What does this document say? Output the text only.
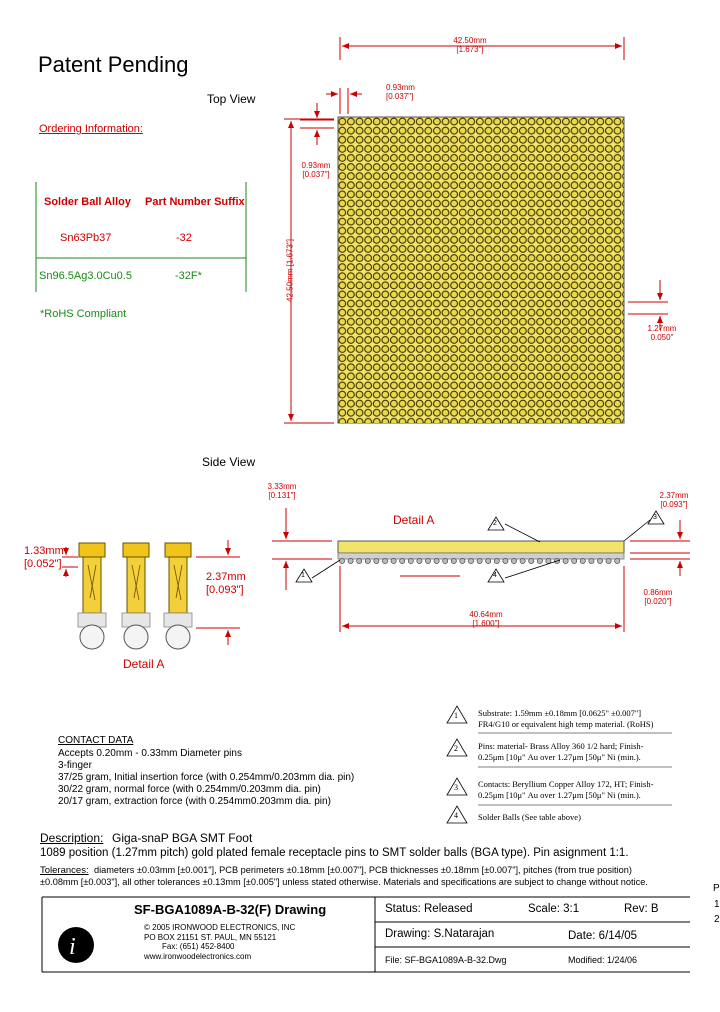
i
Patent Pending
Top View
Side View
Ordering Information:
Solder Ball Alloy Part Number Suffix
Sn63Pb37	-32
Sn96.5Ag3.0Cu0.5	-32F*
*RoHS Compliant
42.50mm
[1.673"]
0.93mm
[0.037"]
0.93mm
[0.037"]
42.50mm [1.673"]
1.27mm
0.050"
3.33mm
[0.131"]	2.37mm
[0.093"]
0.86mm
[0.020"]
40.64mm
[1.600"]
Detail A
1
2
4
3
1.33mm
[0.052"]
2.37mm
[0.093"]
Detail A
1 Substrate: 1.59mm ±0.18mm [0.0625" ±0.007"]
FR4/G10 or equivalent high temp material. (RoHS)
2 Pins: material- Brass Alloy 360 1/2 hard; Finish-
0.25μm [10μ" Au over 1.27μm [50μ" Ni (min.).
3 Contacts: Beryllium Copper Alloy 172, HT; Finish-
0.25μm [10μ" Au over 1.27μm [50μ" Ni (min.).
4 Solder Balls (See table above)
CONTACT DATA
Accepts 0.20mm - 0.33mm Diameter pins
3-finger
37/25 gram, Initial insertion force (with 0.254mm/0.203mm dia. pin)
30/22 gram, normal force (with 0.254mm/0.203mm dia. pin)
20/17 gram, extraction force (with 0.254mm0.203mm dia. pin)
Description: Giga-snaP BGA SMT Foot
1089 position (1.27mm pitch) gold plated female receptacle pins to SMT solder balls (BGA type). Pin asignment 1:1.
Tolerances: diameters ±0.03mm [±0.001"], PCB perimeters ±0.18mm [±0.007"], PCB thicknesses ±0.18mm [±0.007"], pitches (from true position)
±0.08mm [±0.003"], all other tolerances ±0.13mm [±0.005"] unless stated otherwise. Materials and specifications are subject to change without notice.
SF-BGA1089A-B-32(F) Drawing
© 2005 IRONWOOD ELECTRONICS, INC
PO BOX 21151 ST. PAUL, MN 55121
Fax: (651) 452-8400
www.ironwoodelectronics.com
Status: Released	Scale: 3:1	Rev: B
Drawing: S.Natarajan	Date: 6/14/05
File: SF-BGA1089A-B-32.Dwg	Modified: 1/24/06
P
1
2
